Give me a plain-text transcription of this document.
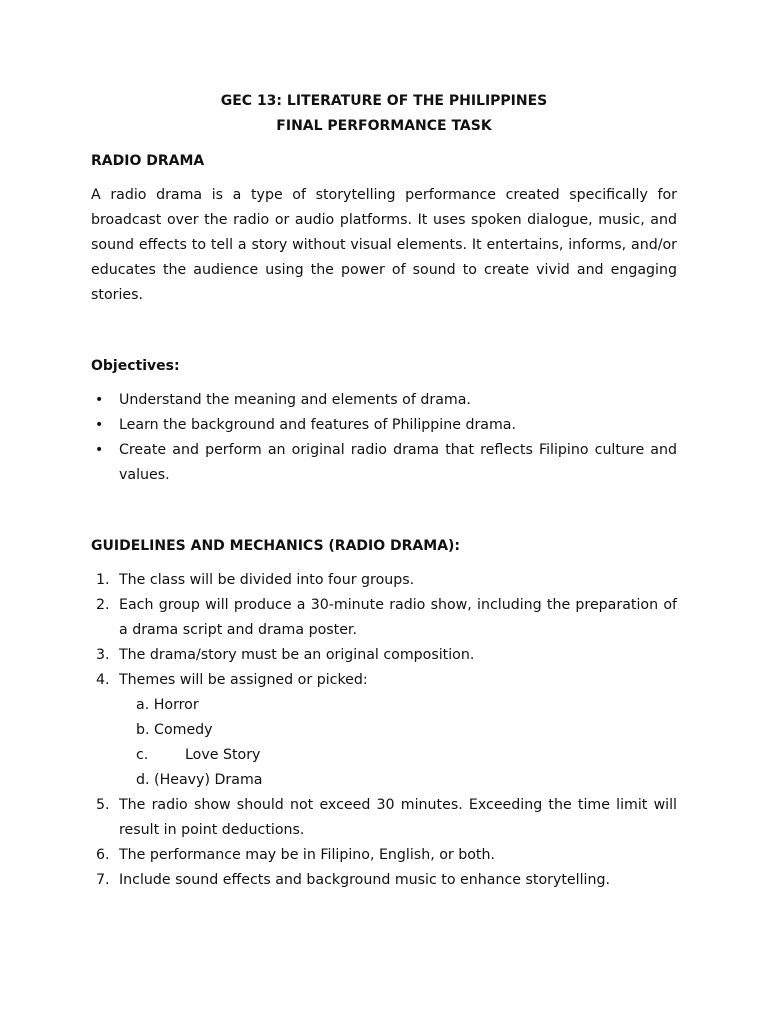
GEC 13: LITERATURE OF THE PHILIPPINES

FINAL PERFORMANCE TASK

RADIO DRAMA

A radio drama is a type of storytelling performance created specifically for broadcast over the radio or audio platforms. It uses spoken dialogue, music, and sound effects to tell a story without visual elements. It entertains, informs, and/or educates the audience using the power of sound to create vivid and engaging stories.

Objectives:

• Understand the meaning and elements of drama.
• Learn the background and features of Philippine drama.
• Create and perform an original radio drama that reflects Filipino culture and values.

GUIDELINES AND MECHANICS (RADIO DRAMA):

1. The class will be divided into four groups.
2. Each group will produce a 30-minute radio show, including the preparation of a drama script and drama poster.
3. The drama/story must be an original composition.
4. Themes will be assigned or picked:
a. Horror
b. Comedy
c.	Love Story
d. (Heavy) Drama
5. The radio show should not exceed 30 minutes. Exceeding the time limit will result in point deductions.
6. The performance may be in Filipino, English, or both.
7. Include sound effects and background music to enhance storytelling.
